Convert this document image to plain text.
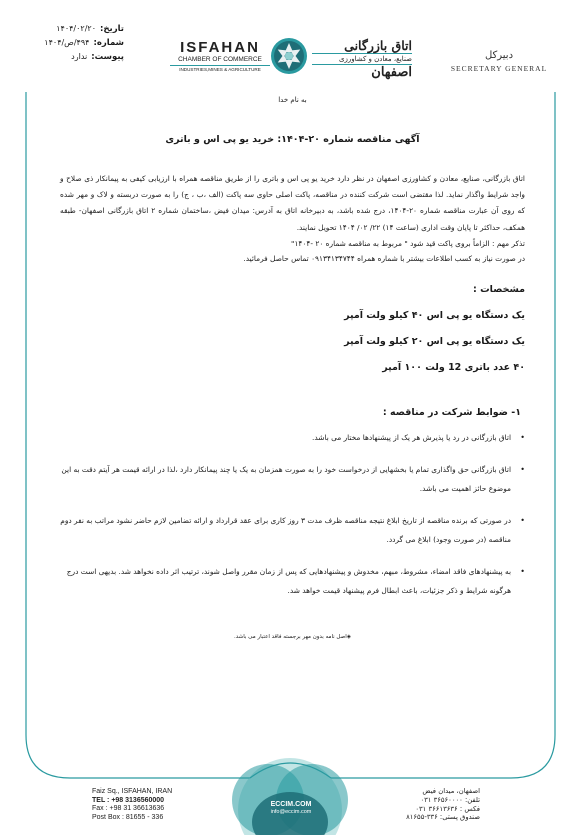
تاریخ:
۱۴۰۴/۰۲/۲۰
شماره:
۴۹۴/ص/۱۴۰۴
پیوست:
ندارد
ISFAHAN
CHAMBER OF COMMERCE
INDUSTRIES,MINES & AGRICULTURE
اتاق بازرگانی
صنایع، معادن و کشاورزی
اصفهان
دبیرکل
SECRETARY GENERAL
به نام خدا
آگهی مناقصه شماره ۲۰-۱۴۰۴: خرید یو پی اس و باتری

اتاق بازرگانی، صنایع، معادن و کشاورزی اصفهان در نظر دارد خرید یو پی اس و باتری را از طریق مناقصه همراه با ارزیابی کیفی به پیمانکار ذی صلاح و واجد شرایط واگذار نماید. لذا مقتضی است شرکت کننده در مناقصه، پاکت اصلی حاوی سه پاکت (الف ،ب ، ج) را به صورت دربسته و لاک و مهر شده که روی آن عبارت مناقصه شماره ۲۰-۱۴۰۴، درج شده باشد، به دبیرخانه اتاق به آدرس: میدان فیض ،ساختمان شماره ۲ اتاق بازرگانی اصفهان- طبقه همکف، حداکثر تا پایان وقت اداری (ساعت ۱۴) ۲۲/ ۰۲/ ۱۴۰۴ تحویل نمایند.

تذکر مهم : الزاماً بروی پاکت قید شود " مربوط به مناقصه شماره ۲۰ -۱۴۰۴"

در صورت نیاز به کسب اطلاعات بیشتر با شماره همراه ۰۹۱۳۴۱۳۴۷۴۴ تماس حاصل فرمائید.

مشخصات :
یک دستگاه یو پی اس ۴۰ کیلو ولت آمپر
یک دستگاه یو پی اس ۲۰ کیلو ولت آمپر
۴۰ عدد باتری 12 ولت ۱۰۰ آمپر
۱- ضوابط شرکت در مناقصه :
•
اتاق بازرگانی در رد یا پذیرش هر یک از پیشنهادها مختار می باشد.
•
اتاق بازرگانی حق واگذاری تمام یا بخشهایی از درخواست خود را به صورت همزمان به یک یا چند پیمانکار دارد ،لذا در ارائه قیمت هر آیتم دقت به این موضوع حائز اهمیت می باشد.
•
در صورتی که برنده مناقصه از تاریخ ابلاغ نتیجه مناقصه ظرف مدت ۳ روز کاری برای عقد قرارداد و ارائه تضامین لازم حاضر نشود مراتب به نفر دوم مناقصه (در صورت وجود) ابلاغ می گردد.
•
به پیشنهادهای فاقد امضاء، مشروط، مبهم، مخدوش و پیشنهادهایی که پس از زمان مقرر واصل شوند، ترتیب اثر داده نخواهد شد. بدیهی است درج هرگونه شرایط و ذکر جزئیات، باعث ابطال فرم پیشنهاد قیمت خواهد شد.
◈اصل نامه بدون مهر برجسته فاقد اعتبار می باشد.
Faiz Sq., ISFAHAN, IRAN
TEL : +98 3136560000
Fax : +98 31 36613636
Post Box : 81655 - 336
ECCIM.COM
info@eccim.com
اصفهان، میدان فیض
تلفن: ۳۶۵۶۰۰۰۰ ۰۳۱
فکس : ۳۶۶۱۳۶۳۶ ۰۳۱
صندوق پستی: ۳۳۶-۸۱۶۵۵
